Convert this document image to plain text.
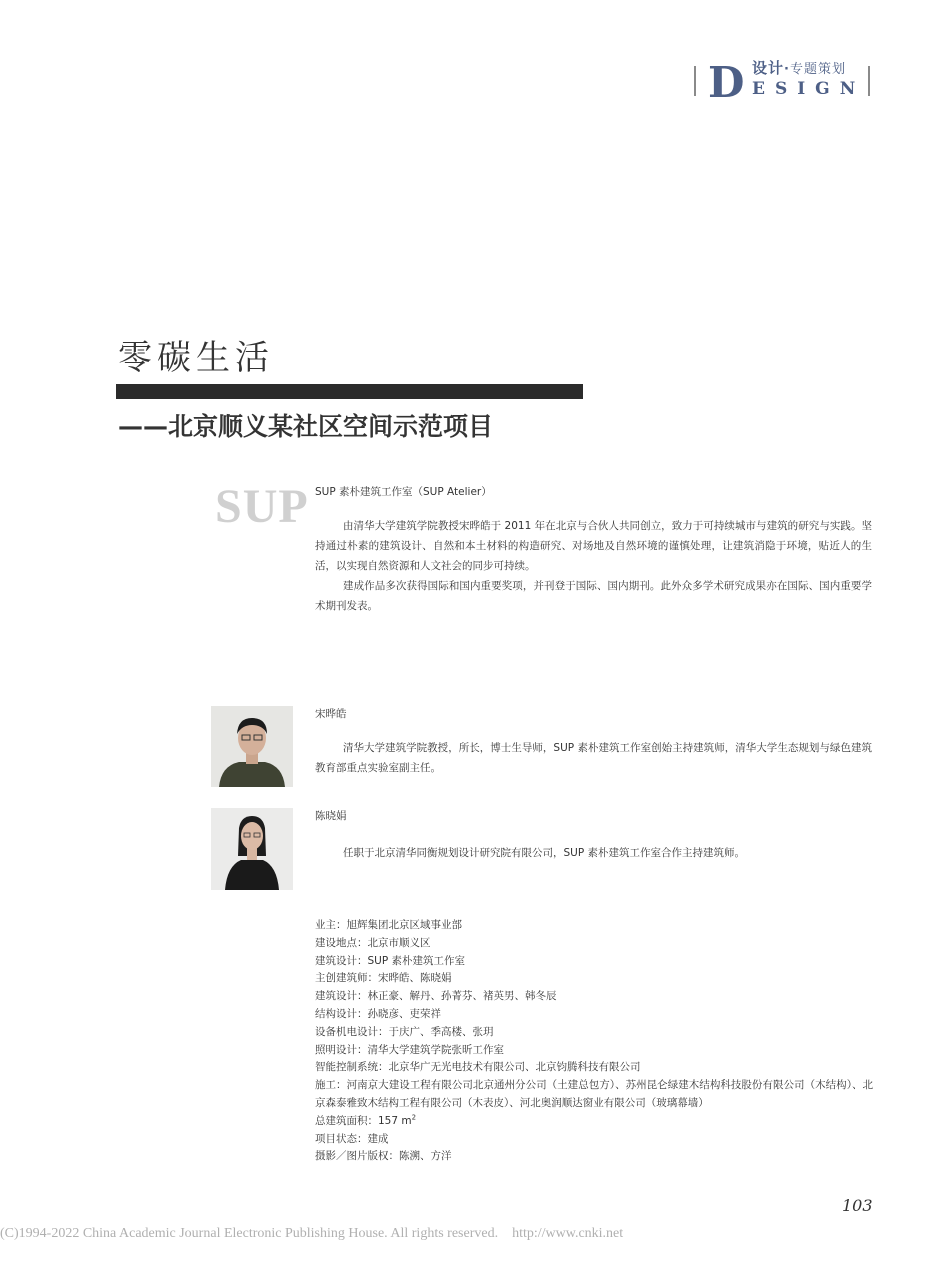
D 设计·专题策划
ESIGN
零碳生活
——北京顺义某社区空间示范项目
SUP SUP 素朴建筑工作室（SUP Atelier）

由清华大学建筑学院教授宋晔皓于 2011 年在北京与合伙人共同创立，致力于可持续城市与建筑的研究与实践。坚持通过朴素的建筑设计、自然和本土材料的构造研究、对场地及自然环境的谨慎处理，让建筑消隐于环境，贴近人的生活，以实现自然资源和人文社会的同步可持续。

建成作品多次获得国际和国内重要奖项，并刊登于国际、国内期刊。此外众多学术研究成果亦在国际、国内重要学术期刊发表。

宋晔皓

清华大学建筑学院教授，所长，博士生导师，SUP 素朴建筑工作室创始主持建筑师，清华大学生态规划与绿色建筑教育部重点实验室副主任。

陈晓娟

任职于北京清华同衡规划设计研究院有限公司，SUP 素朴建筑工作室合作主持建筑师。

业主：旭辉集团北京区域事业部
建设地点：北京市顺义区
建筑设计：SUP 素朴建筑工作室
主创建筑师：宋晔皓、陈晓娟
建筑设计：林正豪、解丹、孙菁芬、褚英男、韩冬辰
结构设计：孙晓彦、吏荣祥
设备机电设计：于庆广、季高楼、张玥
照明设计：清华大学建筑学院张昕工作室
智能控制系统：北京华广无光电技术有限公司、北京钧腾科技有限公司
施工：河南京大建设工程有限公司北京通州分公司（土建总包方）、苏州昆仑绿建木结构科技股份有限公司（木结构）、北京森泰雅致木结构工程有限公司（木表皮）、河北奥润顺达窗业有限公司（玻璃幕墙）
总建筑面积：157 $m^2$
项目状态：建成
摄影／图片版权：陈溯、方洋
103
(C)1994-2022 China Academic Journal Electronic Publishing House. All rights reserved. http://www.cnki.net
